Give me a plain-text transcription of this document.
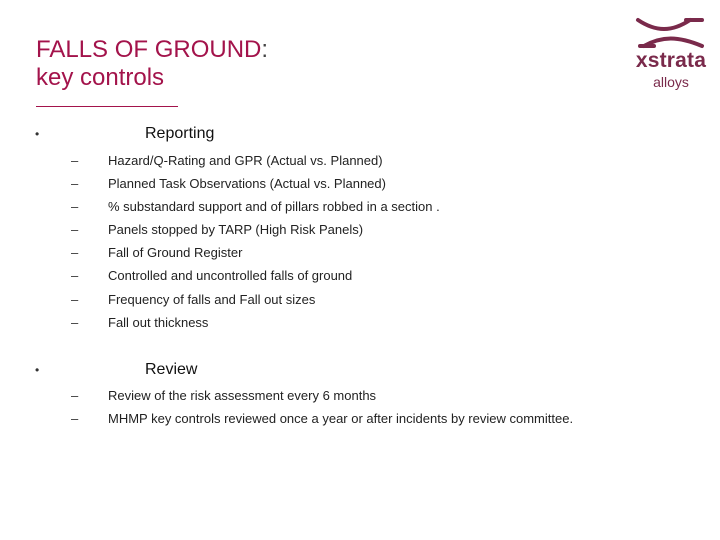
FALLS OF GROUND:
key controls
xstrata
alloys
•	Reporting
– Hazard/Q-Rating and GPR (Actual vs. Planned)
– Planned Task Observations (Actual vs. Planned)
– % substandard support and of pillars robbed in a section .
– Panels stopped by TARP (High Risk Panels)
– Fall of Ground Register
– Controlled and uncontrolled falls of ground
– Frequency of falls and Fall out sizes
– Fall out thickness
•	Review
– Review of the risk assessment every 6 months
– MHMP key controls reviewed once a year or after incidents by review committee.
